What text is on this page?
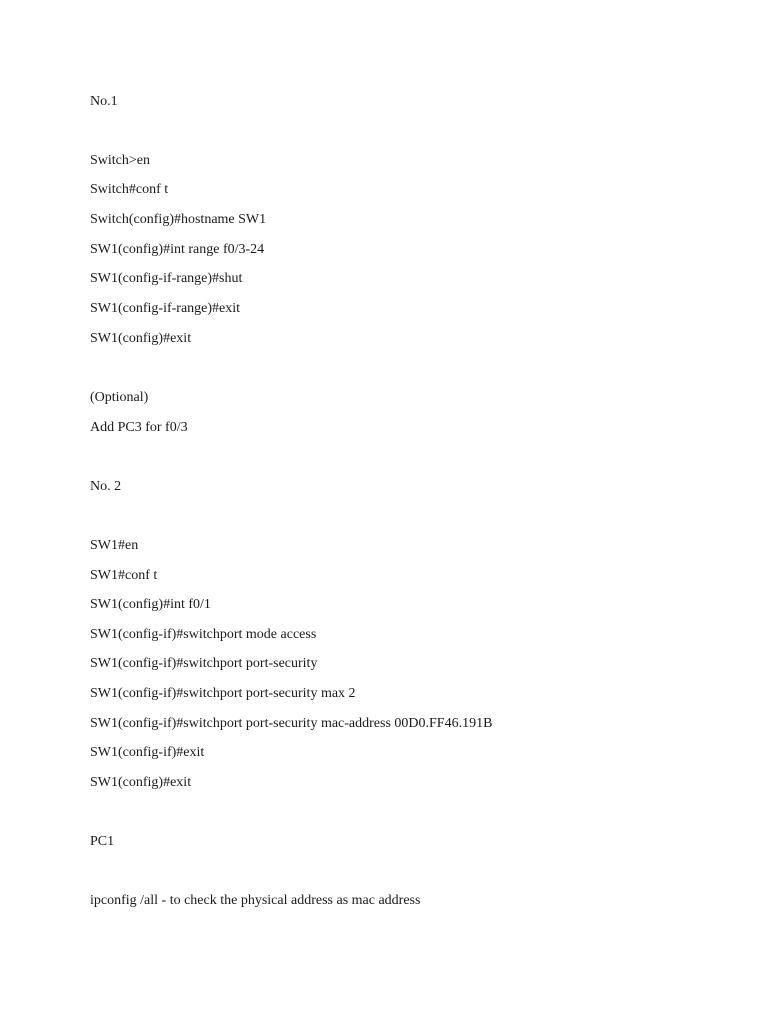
No.1

Switch>en

Switch#conf t

Switch(config)#hostname SW1

SW1(config)#int range f0/3-24

SW1(config-if-range)#shut

SW1(config-if-range)#exit

SW1(config)#exit

(Optional)

Add PC3 for f0/3

No. 2

SW1#en

SW1#conf t

SW1(config)#int f0/1

SW1(config-if)#switchport mode access

SW1(config-if)#switchport port-security

SW1(config-if)#switchport port-security max 2

SW1(config-if)#switchport port-security mac-address 00D0.FF46.191B

SW1(config-if)#exit

SW1(config)#exit

PC1

ipconfig /all - to check the physical address as mac address
